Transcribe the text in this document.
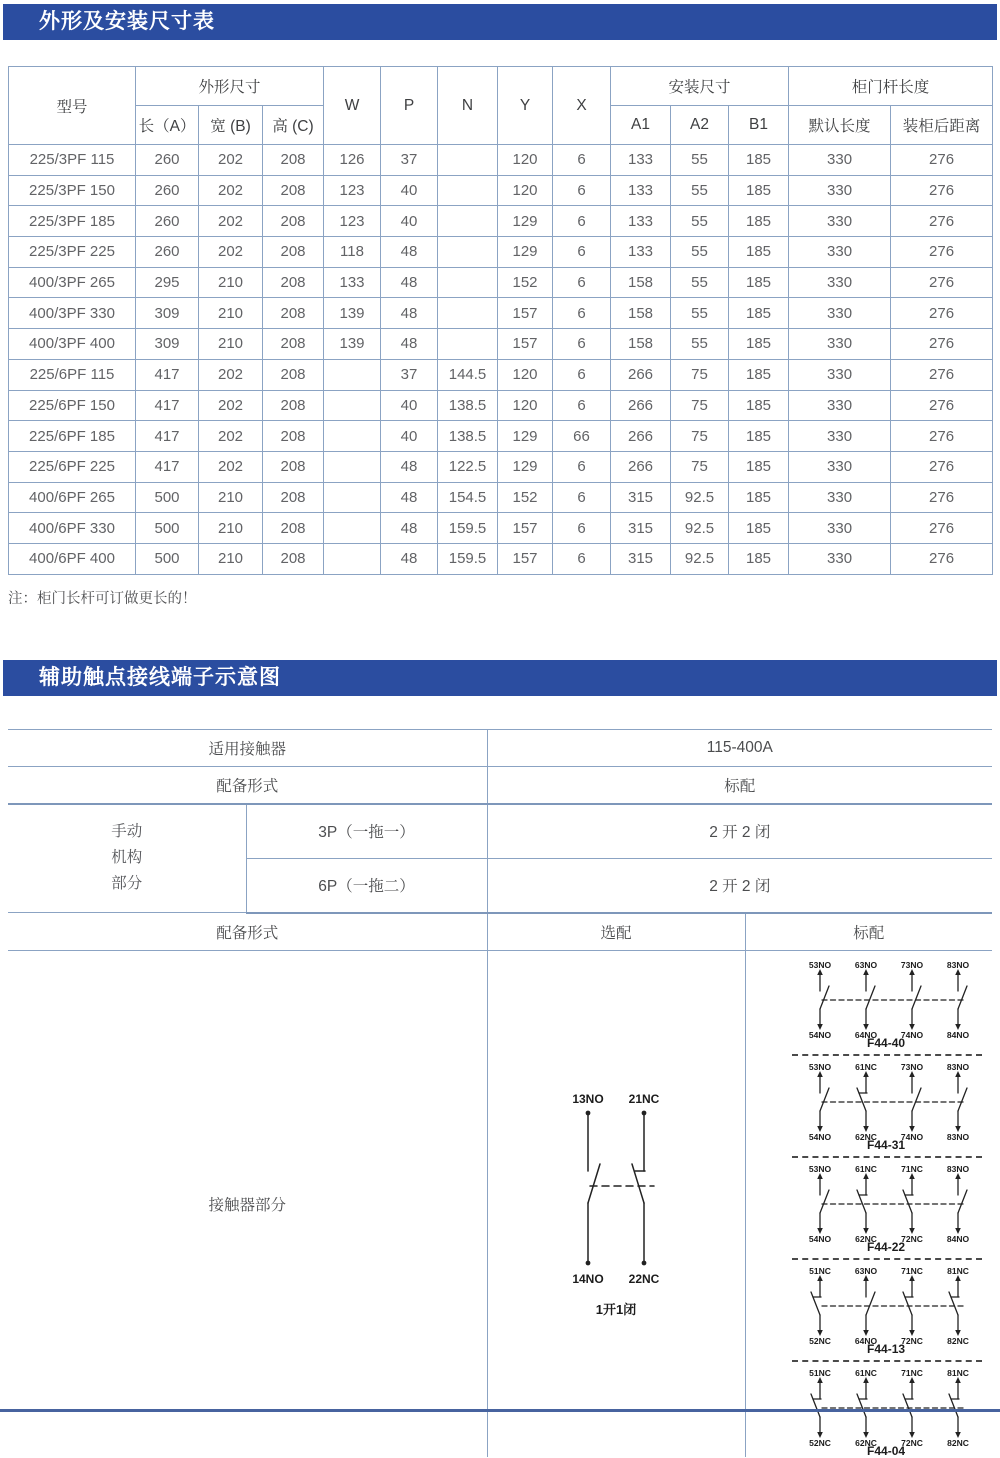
外形及安装尺寸表
型号	外形尺寸			W	P	N	Y	X	安装尺寸			柜门杆长度	
	长（A）	宽 (B)	高 (C)						A1	A2	B1	默认长度	装柜后距离
225/3PF 115	260	202	208	126	37		120	6	133	55	185	330	276
225/3PF 150	260	202	208	123	40		120	6	133	55	185	330	276
225/3PF 185	260	202	208	123	40		129	6	133	55	185	330	276
225/3PF 225	260	202	208	118	48		129	6	133	55	185	330	276
400/3PF 265	295	210	208	133	48		152	6	158	55	185	330	276
400/3PF 330	309	210	208	139	48		157	6	158	55	185	330	276
400/3PF 400	309	210	208	139	48		157	6	158	55	185	330	276
225/6PF 115	417	202	208		37	144.5	120	6	266	75	185	330	276
225/6PF 150	417	202	208		40	138.5	120	6	266	75	185	330	276
225/6PF 185	417	202	208		40	138.5	129	66	266	75	185	330	276
225/6PF 225	417	202	208		48	122.5	129	6	266	75	185	330	276
400/6PF 265	500	210	208		48	154.5	152	6	315	92.5	185	330	276
400/6PF 330	500	210	208		48	159.5	157	6	315	92.5	185	330	276
400/6PF 400	500	210	208		48	159.5	157	6	315	92.5	185	330	276
注：柜门长杆可订做更长的！
辅助触点接线端子示意图
适用接触器		115-400A	
配备形式		标配	

手动
机构
部分	3P（一拖一）	2 开 2 闭	
	6P（一拖二）	2 开 2 闭	
配备形式		选配	标配
接触器部分	
13NO
14NO
21NC
22NC
1开1闭

53NO
54NO
63NO
64NO
73NO
74NO
83NO
84NO
F44-40
53NO
54NO
61NC
62NC
73NO
74NO
83NO
83NO
F44-31
53NO
54NO
61NC
62NC
71NC
72NC
83NO
84NO
F44-22
51NC
52NC
63NO
64NO
71NC
72NC
81NC
82NC
F44-13
51NC
52NC
61NC
62NC
71NC
72NC
81NC
82NC
F44-04
